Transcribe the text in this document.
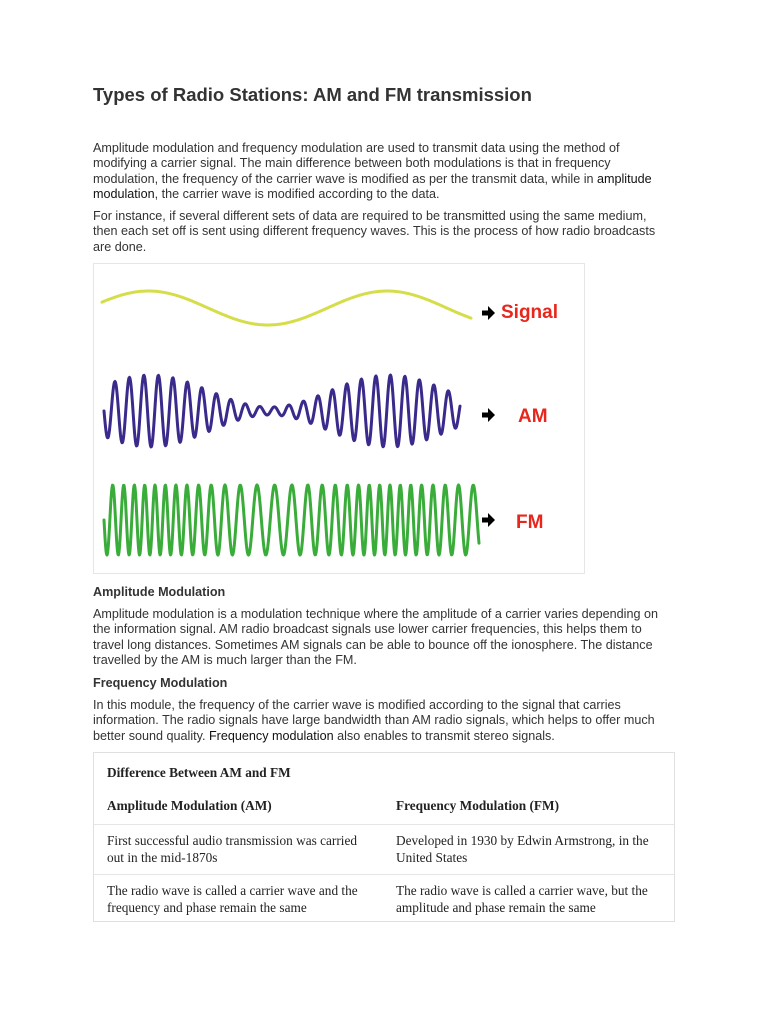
Types of Radio Stations: AM and FM transmission

Amplitude modulation and frequency modulation are used to transmit data using the method of modifying a carrier signal. The main difference between both modulations is that in frequency modulation, the frequency of the carrier wave is modified as per the transmit data, while in amplitude modulation, the carrier wave is modified according to the data.

For instance, if several different sets of data are required to be transmitted using the same medium, then each set off is sent using different frequency waves. This is the process of how radio broadcasts are done.

Signal
AM
FM
Amplitude Modulation

Amplitude modulation is a modulation technique where the amplitude of a carrier varies depending on the information signal. AM radio broadcast signals use lower carrier frequencies, this helps them to travel long distances. Sometimes AM signals can be able to bounce off the ionosphere. The distance travelled by the AM is much larger than the FM.

Frequency Modulation

In this module, the frequency of the carrier wave is modified according to the signal that carries information. The radio signals have large bandwidth than AM radio signals, which helps to offer much better sound quality. Frequency modulation also enables to transmit stereo signals.

Difference Between AM and FM
Amplitude Modulation (AM)	Frequency Modulation (FM)
First successful audio transmission was carried out in the mid-1870s
Developed in 1930 by Edwin Armstrong, in the United States
The radio wave is called a carrier wave and the frequency and phase remain the same
The radio wave is called a carrier wave, but the amplitude and phase remain the same
